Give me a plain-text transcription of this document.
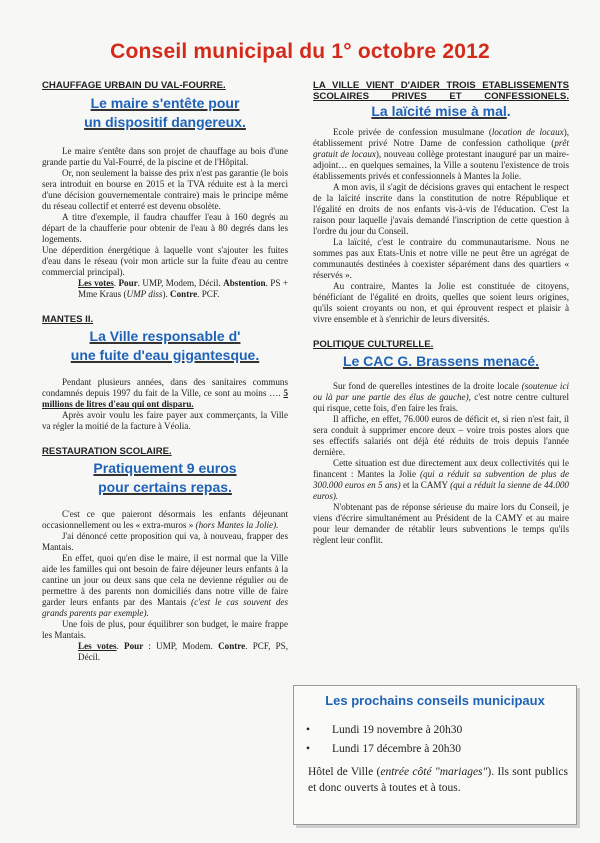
Conseil municipal du 1° octobre 2012
CHAUFFAGE URBAIN DU VAL-FOURRE.
Le maire s'entête pour
un dispositif dangereux.

Le maire s'entête dans son projet de chauffage au bois d'une grande partie du Val-Fourré, de la piscine et de l'Hôpital.

Or, non seulement la baisse des prix n'est pas garantie (le bois sera introduit en bourse en 2015 et la TVA réduite est à la merci d'une décision gouvernementale contraire) mais le principe même du réseau collectif et enterré est devenu obsolète.

A titre d'exemple, il faudra chauffer l'eau à 160 degrés au départ de la chaufferie pour obtenir de l'eau à 80 degrés dans les logements.

Une déperdition énergétique à laquelle vont s'ajouter les fuites d'eau dans le réseau (voir mon article sur la fuite d'eau au centre commercial principal).

Les votes. Pour. UMP, Modem, Décil. Abstention. PS + Mme Kraus (UMP diss). Contre. PCF.

MANTES II.
La Ville responsable d'
une fuite d'eau gigantesque.

Pendant plusieurs années, dans des sanitaires communs condamnés depuis 1997 du fait de la Ville, ce sont au moins …. 5 millions de litres d'eau qui ont disparu.

Après avoir voulu les faire payer aux commerçants, la Ville va régler la moitié de la facture à Véolia.

RESTAURATION SCOLAIRE.
Pratiquement 9 euros
pour certains repas.

C'est ce que paieront désormais les enfants déjeunant occasionnellement ou les « extra-muros » (hors Mantes la Jolie).

J'ai dénoncé cette proposition qui va, à nouveau, frapper des Mantais.

En effet, quoi qu'en dise le maire, il est normal que la Ville aide les familles qui ont besoin de faire déjeuner leurs enfants à la cantine un jour ou deux sans que cela ne devienne régulier ou de permettre à des parents non domiciliés dans notre ville de faire garder leurs enfants par des Mantais (c'est le cas souvent des grands parents par exemple).

Une fois de plus, pour équilibrer son budget, le maire frappe les Mantais.

Les votes. Pour : UMP, Modem. Contre. PCF, PS, Décil.

LA VILLE VIENT D'AIDER TROIS ETABLISSEMENTS SCOLAIRES PRIVES ET CONFESSIONELS.
La laïcité mise à mal.

Ecole privée de confession musulmane (location de locaux), établissement privé Notre Dame de confession catholique (prêt gratuit de locaux), nouveau collège protestant inauguré par un maire-adjoint… en quelques semaines, la Ville a soutenu l'existence de trois établissements privés et confessionnels à Mantes la Jolie.

A mon avis, il s'agit de décisions graves qui entachent le respect de la laïcité inscrite dans la constitution de notre République et l'égalité en droits de nos enfants vis-à-vis de l'éducation. C'est la raison pour laquelle j'avais demandé l'inscription de cette question à l'ordre du jour du Conseil.

La laïcité, c'est le contraire du communautarisme. Nous ne sommes pas aux Etats-Unis et notre ville ne peut être un agrégat de communautés destinées à coexister séparément dans des quartiers « réservés ».

Au contraire, Mantes la Jolie est constituée de citoyens, bénéficiant de l'égalité en droits, quelles que soient leurs origines, qu'ils soient croyants ou non, et qui éprouvent respect et plaisir à vivre ensemble et à s'enrichir de leurs diversités.

POLITIQUE CULTURELLE.
Le CAC G. Brassens menacé.

Sur fond de querelles intestines de la droite locale (soutenue ici ou là par une partie des élus de gauche), c'est notre centre culturel qui risque, cette fois, d'en faire les frais.

Il affiche, en effet, 76.000 euros de déficit et, si rien n'est fait, il sera conduit à supprimer encore deux – voire trois postes alors que ses effectifs salariés ont déjà été réduits de trois depuis l'année dernière.

Cette situation est due directement aux deux collectivités qui le financent : Mantes la Jolie (qui a réduit sa subvention de plus de 300.000 euros en 5 ans) et la CAMY (qui a réduit la sienne de 44.000 euros).

N'obtenant pas de réponse sérieuse du maire lors du Conseil, je viens d'écrire simultanément au Président de la CAMY et au maire pour leur demander de rétablir leurs subventions le temps qu'ils règlent leur conflit.

Les prochains conseils municipaux
• Lundi 19 novembre à 20h30
• Lundi 17 décembre à 20h30
Hôtel de Ville (entrée côté "mariages"). Ils sont publics et donc ouverts à toutes et à tous.
